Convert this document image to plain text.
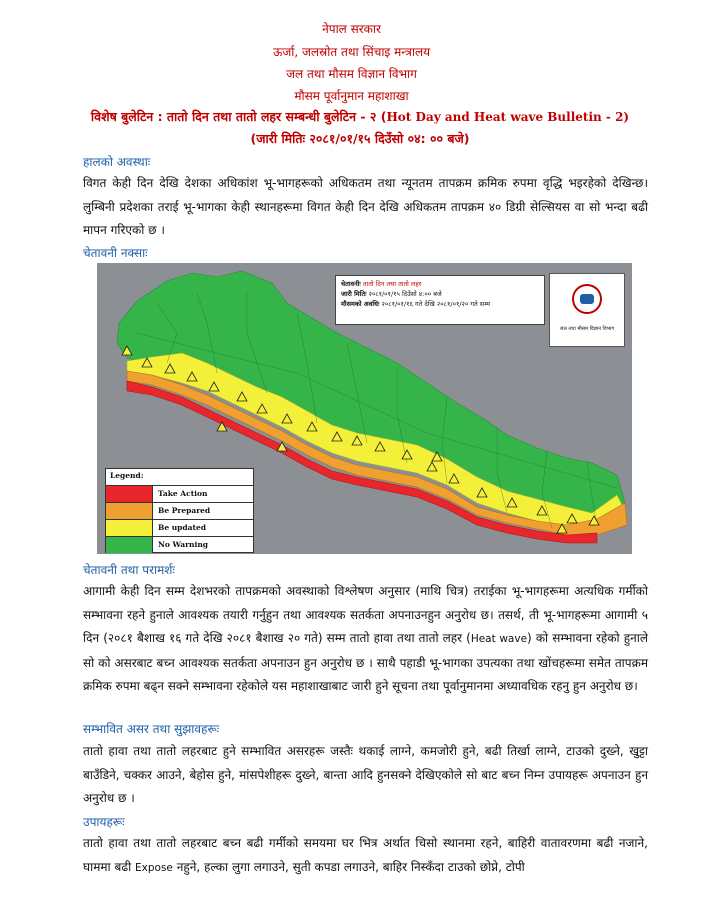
नेपाल सरकार
ऊर्जा, जलस्रोत तथा सिंचाइ मन्त्रालय
जल तथा मौसम विज्ञान विभाग
मौसम पूर्वानुमान महाशाखा
विशेष बुलेटिन : तातो दिन तथा तातो लहर सम्बन्धी बुलेटिन - २ (Hot Day and Heat wave Bulletin - 2)
(जारी मितिः २०८१/०१/१५ दिउँसो ०४: ०० बजे)
हालको अवस्थाः
विगत केही दिन देखि देशका अधिकांश भू-भागहरूको अधिकतम तथा न्यूनतम तापक्रम क्रमिक रुपमा वृद्धि भइरहेको देखिन्छ। लुम्बिनी प्रदेशका तराई भू-भागका केही स्थानहरूमा विगत केही दिन देखि अधिकतम तापक्रम ४० डिग्री सेल्सियस वा सो भन्दा बढी मापन गरिएको छ ।
चेतावनी नक्साः
चेतावनीः तातो दिन तथा तातो लहर
जारी मितिः २०८१/०१/१५ दिउँसो ४:०० बजे
मौसमको अवधिः २०८१/०१/१६ गते देखि २०८१/०१/२० गते सम्म
जल तथा मौसम विज्ञान विभाग
Legend:
Take Action
Be Prepared
Be updated
No Warning
चेतावनी तथा परामर्शः
आगामी केही दिन सम्म देशभरको तापक्रमको अवस्थाको विश्लेषण अनुसार (माथि चित्र) तराईका भू-भागहरूमा अत्यधिक गर्मीको सम्भावना रहने हुनाले आवश्यक तयारी गर्नुहुन तथा आवश्यक सतर्कता अपनाउनहुन अनुरोध छ। तसर्थ, ती भू-भागहरूमा आगामी ५ दिन (२०८१ बैशाख १६ गते देखि २०८१ बैशाख २० गते) सम्म तातो हावा तथा तातो लहर (Heat wave) को सम्भावना रहेको हुनाले सो को असरबाट बच्न आवश्यक सतर्कता अपनाउन हुन अनुरोध छ । साथै पहाडी भू-भागका उपत्यका तथा खोंचहरूमा समेत तापक्रम क्रमिक रुपमा बढ्न सक्ने सम्भावना रहेकोले यस महाशाखाबाट जारी हुने सूचना तथा पूर्वानुमानमा अध्यावधिक रहनु हुन अनुरोध छ।
सम्भावित असर तथा सुझावहरूः
तातो हावा तथा तातो लहरबाट हुने सम्भावित असरहरू जस्तैः थकाई लाग्ने, कमजोरी हुने, बढी तिर्खा लाग्ने, टाउको दुख्ने, खुट्टा बाउँडिने, चक्कर आउने, बेहोस हुने, मांसपेशीहरू दुख्ने, बान्ता आदि हुनसक्ने देखिएकोले सो बाट बच्न निम्न उपायहरू अपनाउन हुन अनुरोध छ ।
उपायहरूः
तातो हावा तथा तातो लहरबाट बच्न बढी गर्मीको समयमा घर भित्र अर्थात चिसो स्थानमा रहने, बाहिरी वातावरणमा बढी नजाने, घाममा बढी Expose नहुने, हल्का लुगा लगाउने, सुती कपडा लगाउने, बाहिर निस्कँदा टाउको छोप्ने, टोपी
